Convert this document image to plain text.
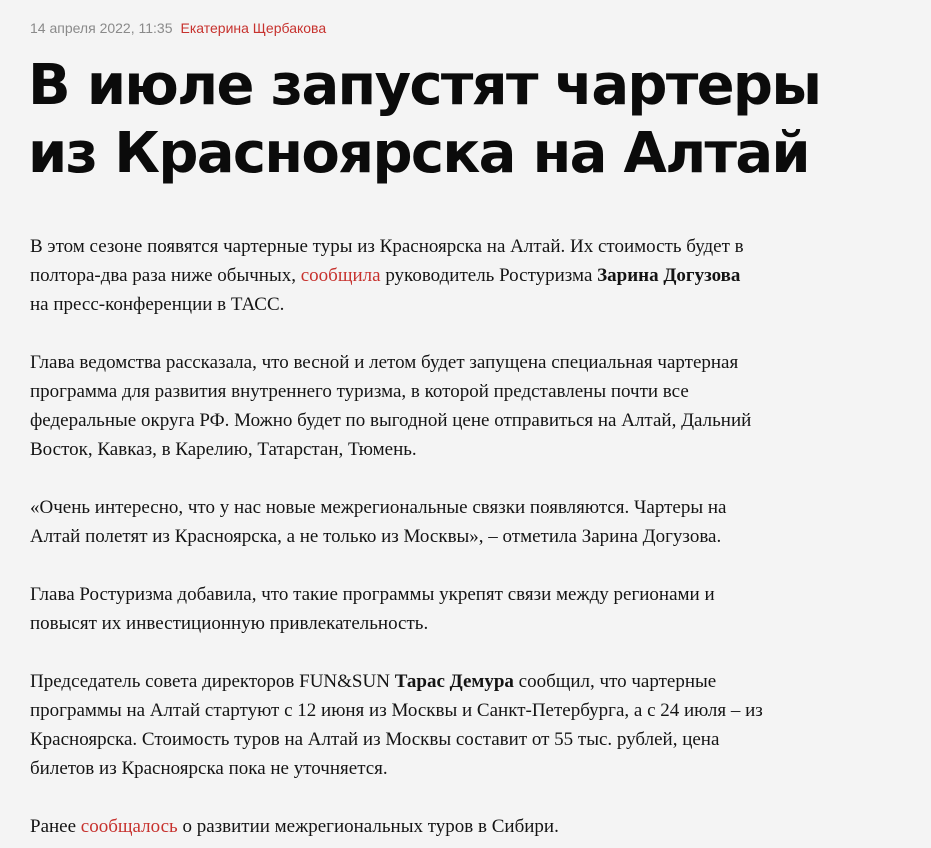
14 апреля 2022, 11:35 Екатерина Щербакова
В июле запустят чартеры
из Красноярска на Алтай

В этом сезоне появятся чартерные туры из Красноярска на Алтай. Их стоимость будет в
полтора-два раза ниже обычных, сообщила руководитель Ростуризма Зарина Догузова
на пресс-конференции в ТАСС.

Глава ведомства рассказала, что весной и летом будет запущена специальная чартерная
программа для развития внутреннего туризма, в которой представлены почти все
федеральные округа РФ. Можно будет по выгодной цене отправиться на Алтай, Дальний
Восток, Кавказ, в Карелию, Татарстан, Тюмень.

«Очень интересно, что у нас новые межрегиональные связки появляются. Чартеры на
Алтай полетят из Красноярска, а не только из Москвы», – отметила Зарина Догузова.

Глава Ростуризма добавила, что такие программы укрепят связи между регионами и
повысят их инвестиционную привлекательность.

Председатель совета директоров FUN&SUN Тарас Демура сообщил, что чартерные
программы на Алтай стартуют с 12 июня из Москвы и Санкт-Петербурга, а с 24 июля – из
Красноярска. Стоимость туров на Алтай из Москвы составит от 55 тыс. рублей, цена
билетов из Красноярска пока не уточняется.

Ранее сообщалось о развитии межрегиональных туров в Сибири.
